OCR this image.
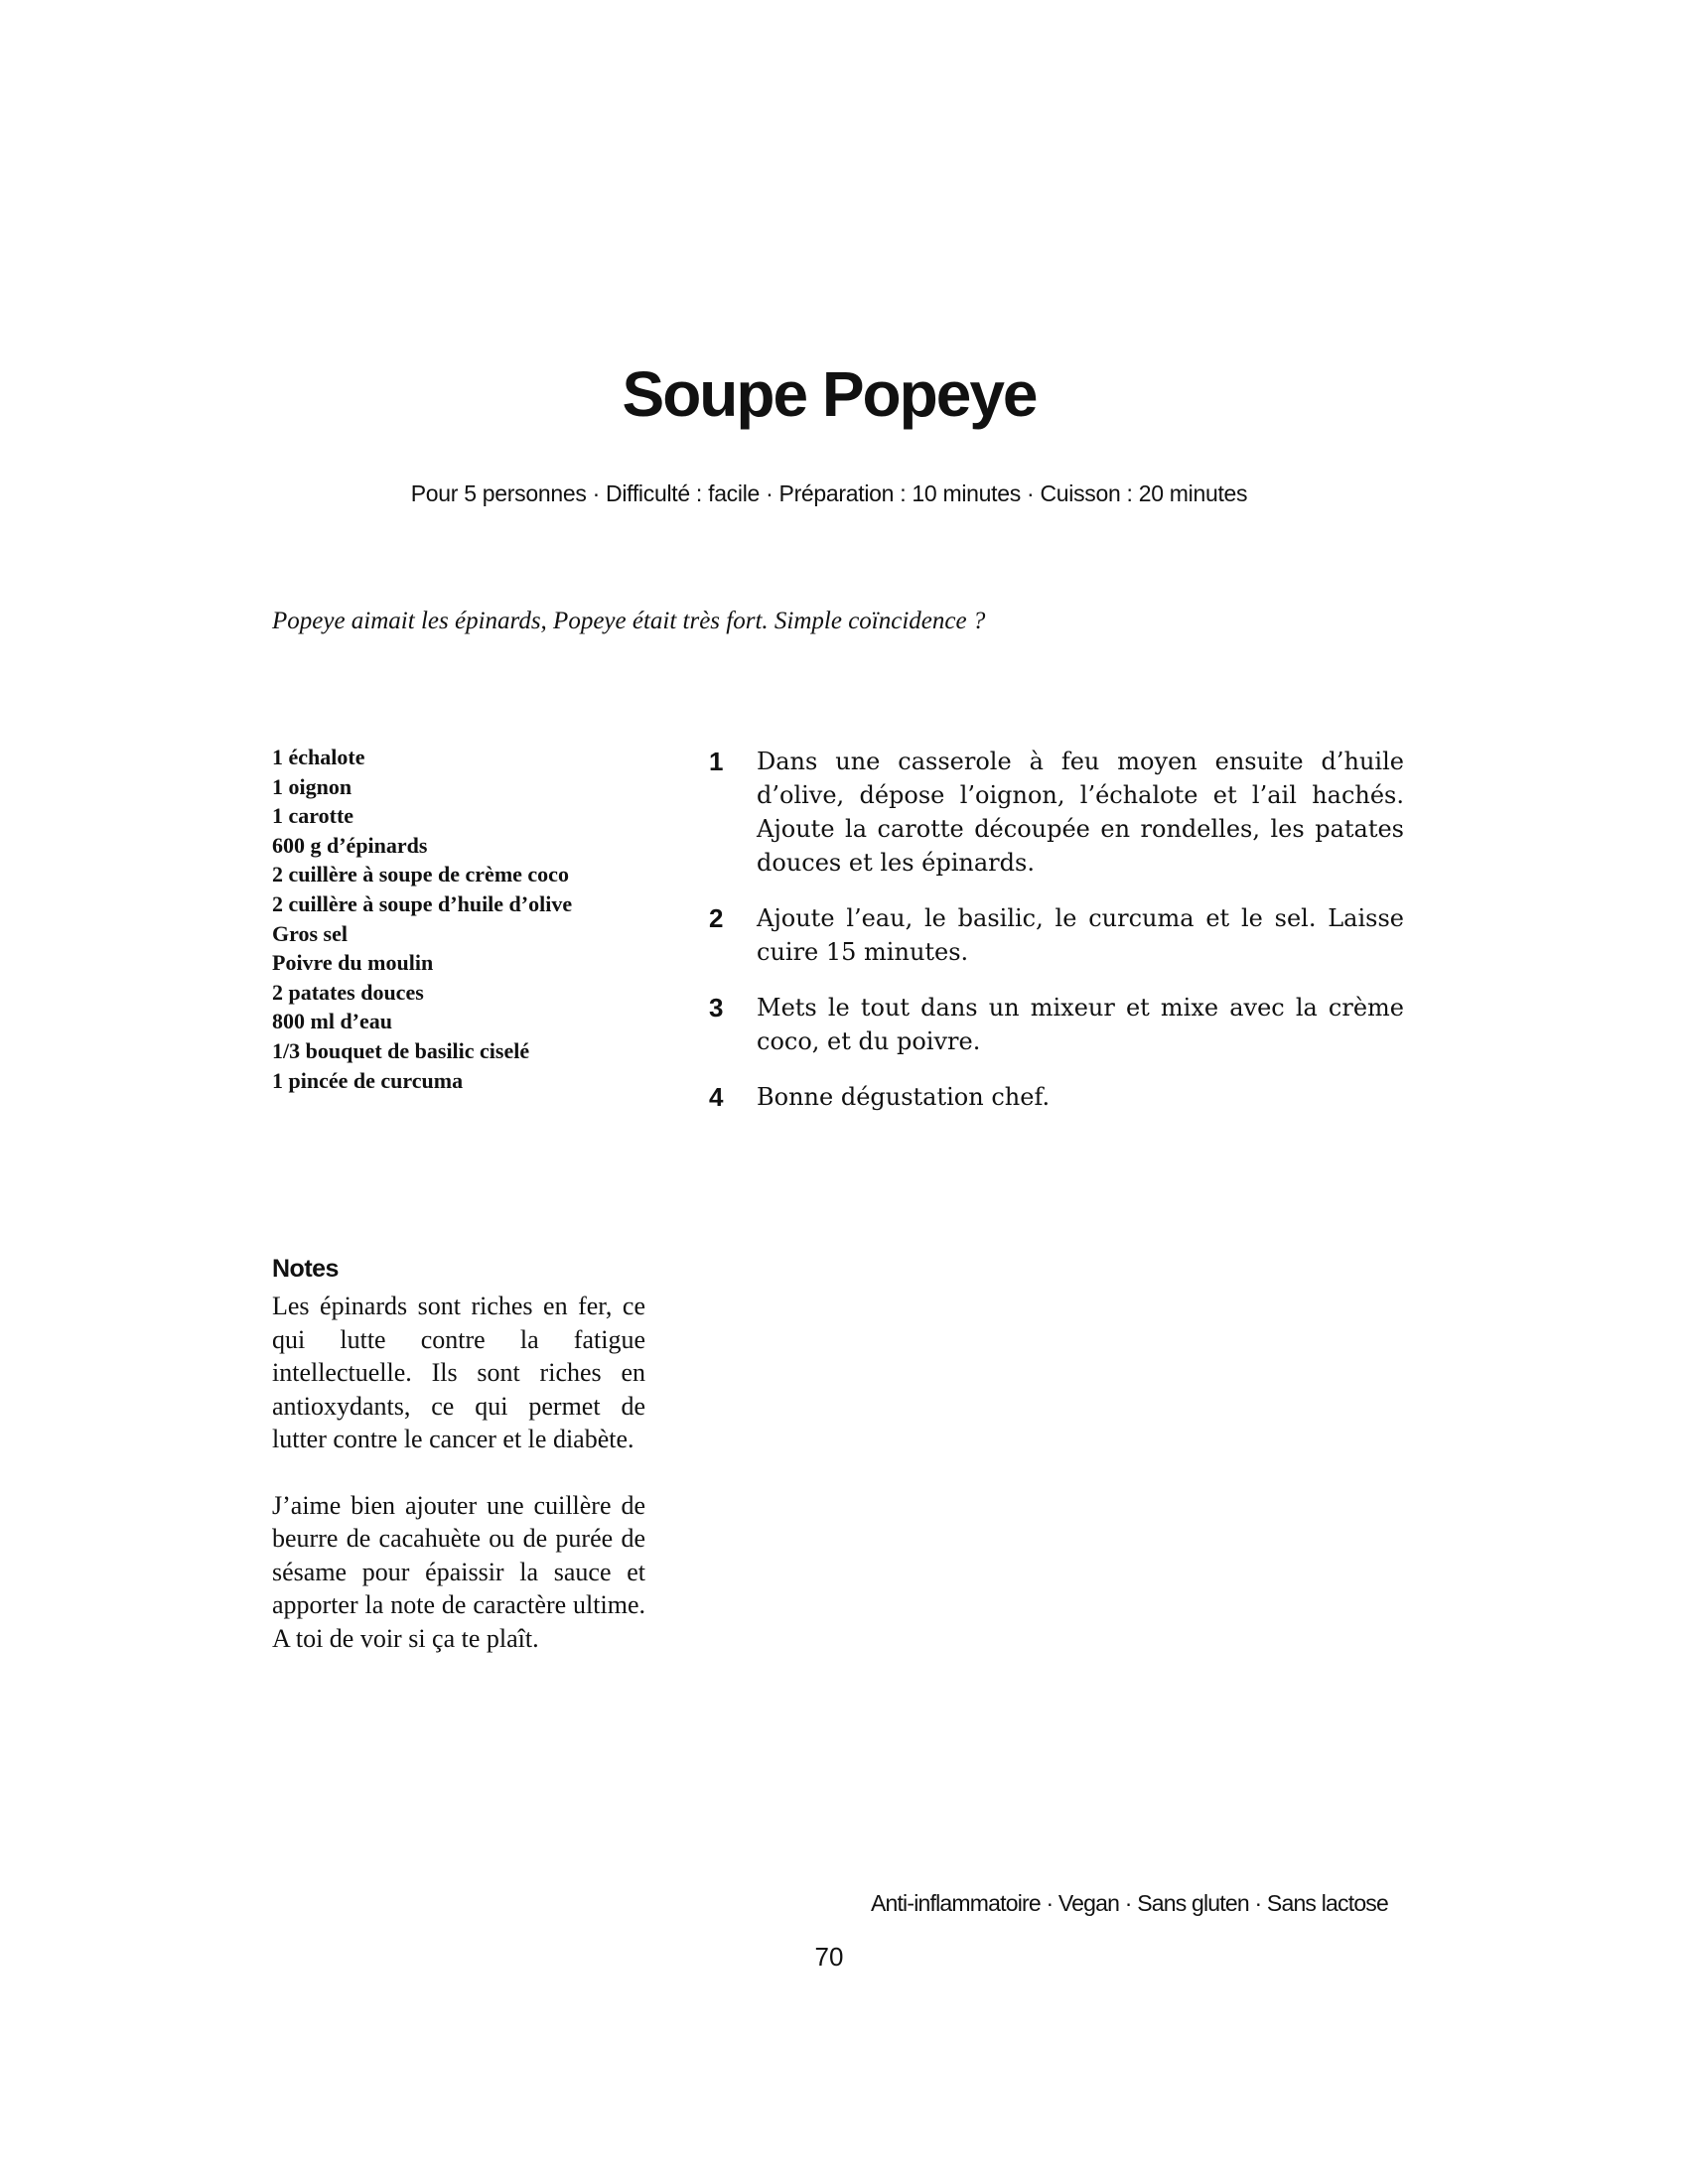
Soupe Popeye
Pour 5 personnes · Difficulté : facile · Préparation : 10 minutes · Cuisson : 20 minutes
Popeye aimait les épinards, Popeye était très fort. Simple coïncidence ?
1 échalote
1 oignon
1 carotte
600 g d’épinards
2 cuillère à soupe de crème coco
2 cuillère à soupe d’huile d’olive
Gros sel
Poivre du moulin
2 patates douces
800 ml d’eau
1/3 bouquet de basilic ciselé
1 pincée de curcuma
1	Dans une casserole à feu moyen ensuite d’huile d’olive, dépose l’oignon, l’échalote et l’ail hachés. Ajoute la carotte découpée en rondelles, les patates douces et les épinards.
2	Ajoute l’eau, le basilic, le curcuma et le sel. Laisse cuire 15 minutes.
3	Mets le tout dans un mixeur et mixe avec la crème coco, et du poivre.
4	Bonne dégustation chef.
Notes

Les épinards sont riches en fer, ce qui lutte contre la fatigue intellectuelle. Ils sont riches en antioxydants, ce qui permet de lutter contre le cancer et le diabète.

J’aime bien ajouter une cuillère de beurre de cacahuète ou de purée de sésame pour épaissir la sauce et apporter la note de caractère ultime. A toi de voir si ça te plaît.

Anti-inflammatoire · Vegan · Sans gluten · Sans lactose
70
